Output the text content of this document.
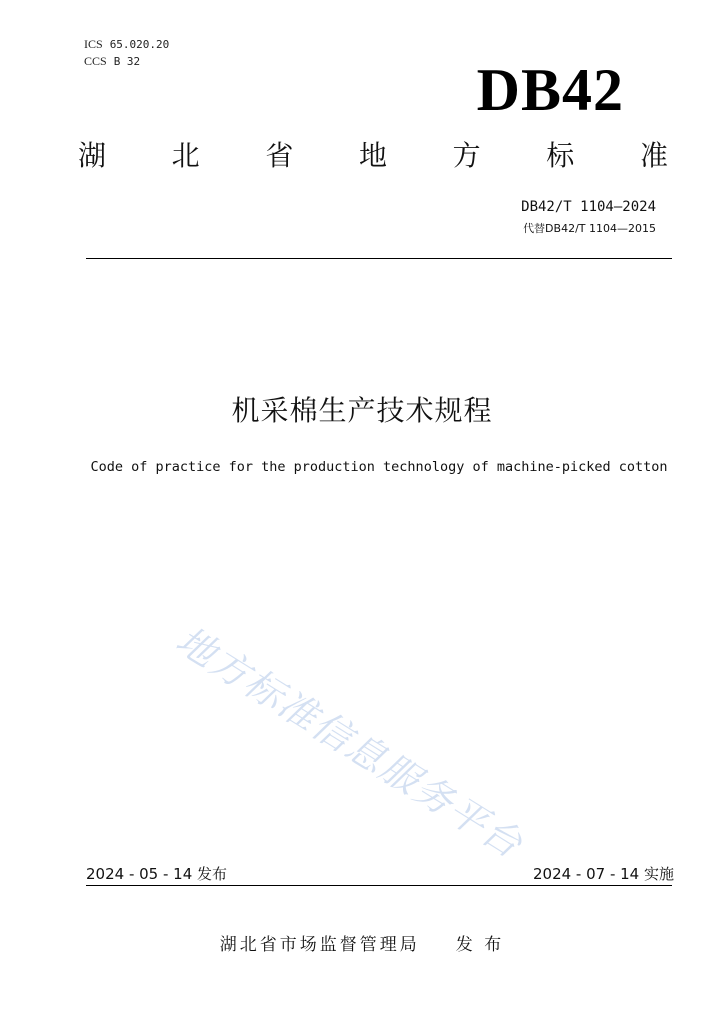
ICS 65.020.20
CCS B 32	DB42
湖 北 省 地 方 标 准
DB42/T 1104—2024
代替DB42/T 1104—2015
机采棉生产技术规程
Code of practice for the production technology of machine-picked cotton
地方标准信息服务平台
2024 - 05 - 14 发布	2024 - 07 - 14 实施
湖北省市场监督管理局 发 布
